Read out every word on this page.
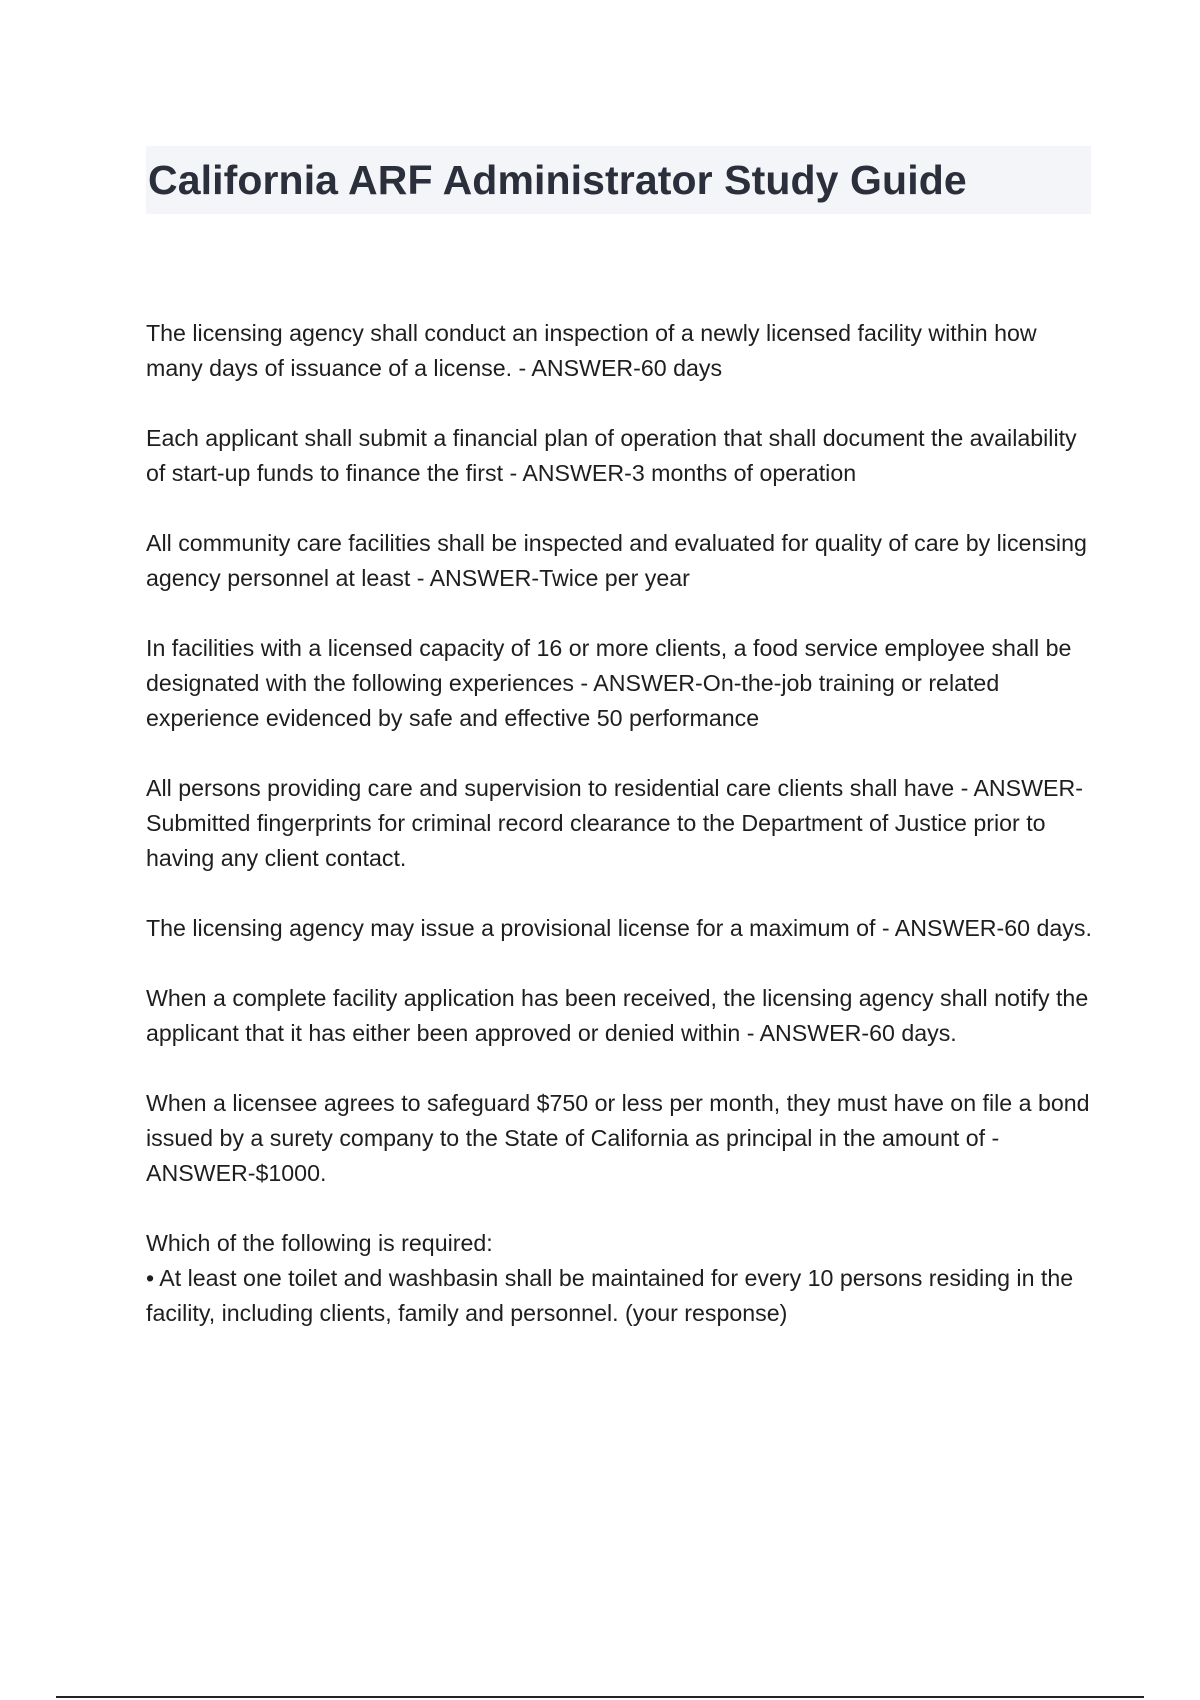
California ARF Administrator Study Guide

The licensing agency shall conduct an inspection of a newly licensed facility within how many days of issuance of a license. - ANSWER-60 days

Each applicant shall submit a financial plan of operation that shall document the availability of start-up funds to finance the first - ANSWER-3 months of operation

All community care facilities shall be inspected and evaluated for quality of care by licensing agency personnel at least - ANSWER-Twice per year

In facilities with a licensed capacity of 16 or more clients, a food service employee shall be designated with the following experiences - ANSWER-On-the-job training or related experience evidenced by safe and effective 50 performance

All persons providing care and supervision to residential care clients shall have - ANSWER-Submitted fingerprints for criminal record clearance to the Department of Justice prior to having any client contact.

The licensing agency may issue a provisional license for a maximum of - ANSWER-60 days.

When a complete facility application has been received, the licensing agency shall notify the applicant that it has either been approved or denied within - ANSWER-60 days.

When a licensee agrees to safeguard $750 or less per month, they must have on file a bond issued by a surety company to the State of California as principal in the amount of - ANSWER-$1000.

Which of the following is required:
• At least one toilet and washbasin shall be maintained for every 10 persons residing in the facility, including clients, family and personnel. (your response)
